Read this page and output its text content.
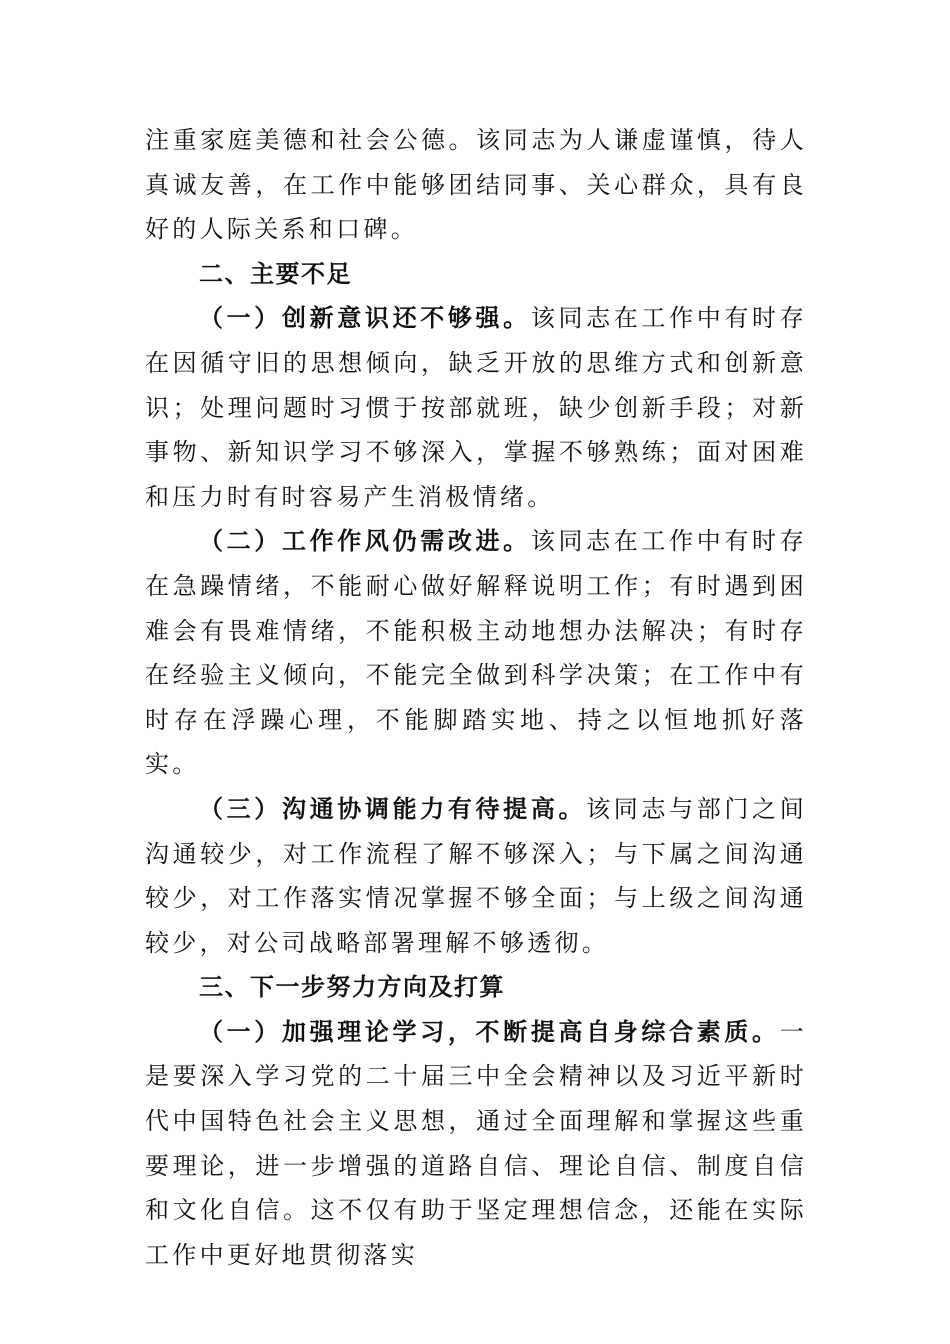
注重家庭美德和社会公德。该同志为人谦虚谨慎，待人真诚友善，在工作中能够团结同事、关心群众，具有良好的人际关系和口碑。

二、主要不足

（一）创新意识还不够强。该同志在工作中有时存在因循守旧的思想倾向，缺乏开放的思维方式和创新意识；处理问题时习惯于按部就班，缺少创新手段；对新事物、新知识学习不够深入，掌握不够熟练；面对困难和压力时有时容易产生消极情绪。

（二）工作作风仍需改进。该同志在工作中有时存在急躁情绪，不能耐心做好解释说明工作；有时遇到困难会有畏难情绪，不能积极主动地想办法解决；有时存在经验主义倾向，不能完全做到科学决策；在工作中有时存在浮躁心理，不能脚踏实地、持之以恒地抓好落实。

（三）沟通协调能力有待提高。该同志与部门之间沟通较少，对工作流程了解不够深入；与下属之间沟通较少，对工作落实情况掌握不够全面；与上级之间沟通较少，对公司战略部署理解不够透彻。

三、下一步努力方向及打算

（一）加强理论学习，不断提高自身综合素质。一是要深入学习党的二十届三中全会精神以及习近平新时代中国特色社会主义思想，通过全面理解和掌握这些重要理论，进一步增强的道路自信、理论自信、制度自信和文化自信。这不仅有助于坚定理想信念，还能在实际工作中更好地贯彻落实
